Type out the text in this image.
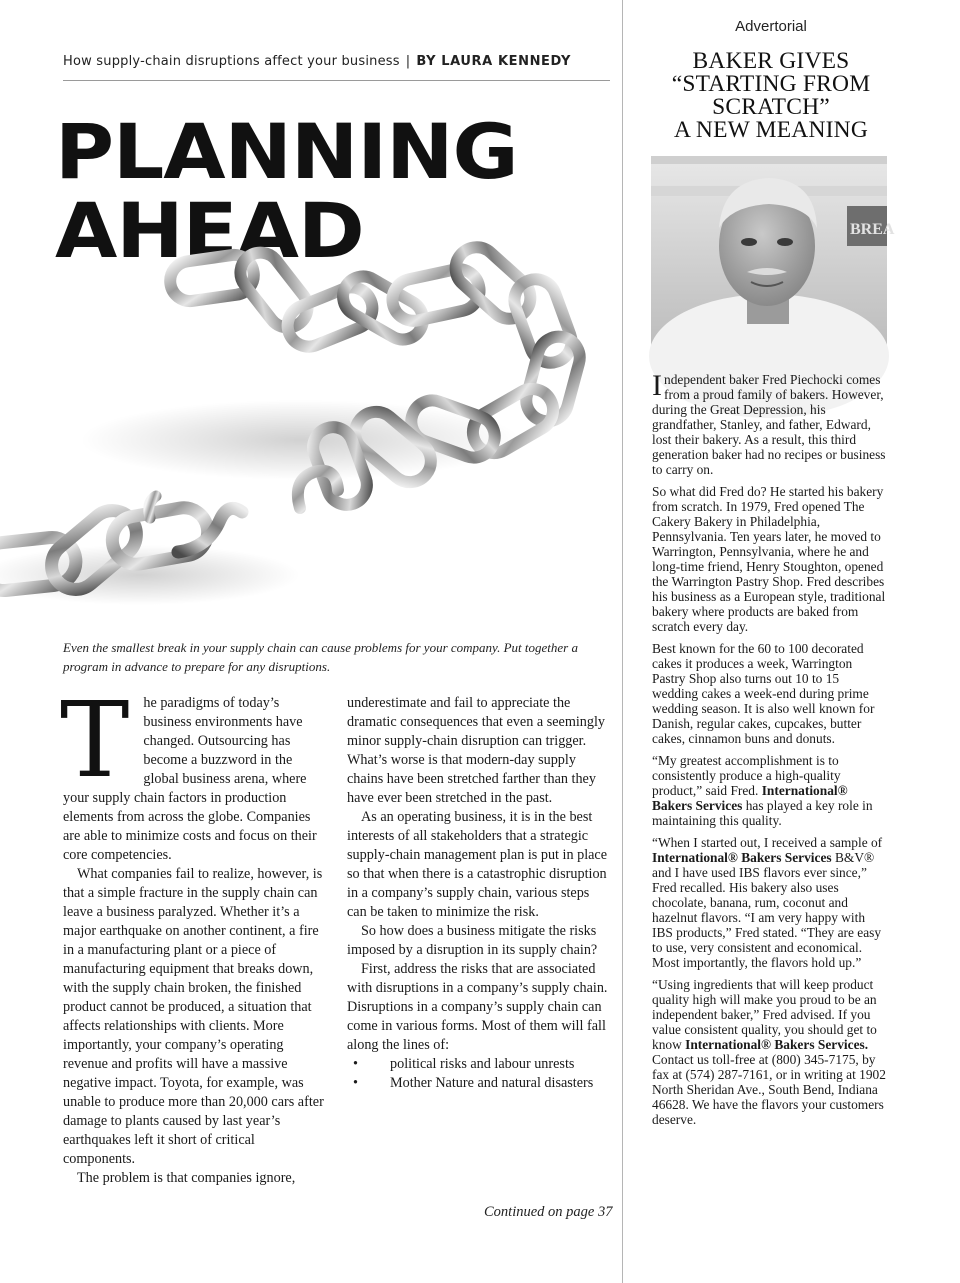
How supply-chain disruptions affect your business | BY LAURA KENNEDY
PLANNING
AHEAD
Even the smallest break in your supply chain can cause problems for your company. Put together a program in advance to prepare for any disruptions.
T he paradigms of today’s business environments have changed. Outsourcing has become a buzzword in the global business arena, where your supply chain factors in production elements from across the globe. Companies are able to minimize costs and focus on their core competencies.

What companies fail to realize, however, is that a simple fracture in the supply chain can leave a business paralyzed. Whether it’s a major earthquake on another continent, a fire in a manufacturing plant or a piece of manufacturing equipment that breaks down, with the supply chain broken, the finished product cannot be produced, a situation that affects relationships with clients. More importantly, your company’s operating revenue and profits will have a massive negative impact. Toyota, for example, was unable to produce more than 20,000 cars after damage to plants caused by last year’s earthquakes left it short of critical components.

The problem is that companies ignore,

underestimate and fail to appreciate the dramatic consequences that even a seemingly minor supply-chain disruption can trigger. What’s worse is that modern-day supply chains have been stretched farther than they have ever been stretched in the past.

As an operating business, it is in the best interests of all stakeholders that a strategic supply-chain management plan is put in place so that when there is a catastrophic disruption in a company’s supply chain, various steps can be taken to minimize the risk.

So how does a business mitigate the risks imposed by a disruption in its supply chain?

First, address the risks that are associated with disruptions in a company’s supply chain. Disruptions in a company’s supply chain can come in various forms. Most of them will fall along the lines of:

• political risks and labour unrests
• Mother Nature and natural disasters
Continued on page 37
Advertorial
BAKER GIVES
“STARTING FROM
SCRATCH”
A NEW MEANING
BREA

Independent baker Fred Piechocki comes from a proud family of bakers. However, during the Great Depression, his grandfather, Stanley, and father, Edward, lost their bakery. As a result, this third generation baker had no recipes or business to carry on.

So what did Fred do? He started his bakery from scratch. In 1979, Fred opened The Cakery Bakery in Philadelphia, Pennsylvania. Ten years later, he moved to Warrington, Pennsylvania, where he and long-time friend, Henry Stoughton, opened the Warrington Pastry Shop. Fred describes his business as a European style, traditional bakery where products are baked from scratch every day.

Best known for the 60 to 100 decorated cakes it produces a week, Warrington Pastry Shop also turns out 10 to 15 wedding cakes a week-end during prime wedding season. It is also well known for Danish, regular cakes, cupcakes, butter cakes, cinnamon buns and donuts.

“My greatest accomplishment is to consistently produce a high-quality product,” said Fred. International® Bakers Services has played a key role in maintaining this quality.

“When I started out, I received a sample of International® Bakers Services B&V® and I have used IBS flavors ever since,” Fred recalled. His bakery also uses chocolate, banana, rum, coconut and hazelnut flavors. “I am very happy with IBS products,” Fred stated. “They are easy to use, very consistent and economical. Most importantly, the flavors hold up.”

“Using ingredients that will keep product quality high will make you proud to be an independent baker,” Fred advised. If you value consistent quality, you should get to know International® Bakers Services. Contact us toll-free at (800) 345-7175, by fax at (574) 287-7161, or in writing at 1902 North Sheridan Ave., South Bend, Indiana 46628. We have the flavors your customers deserve.
